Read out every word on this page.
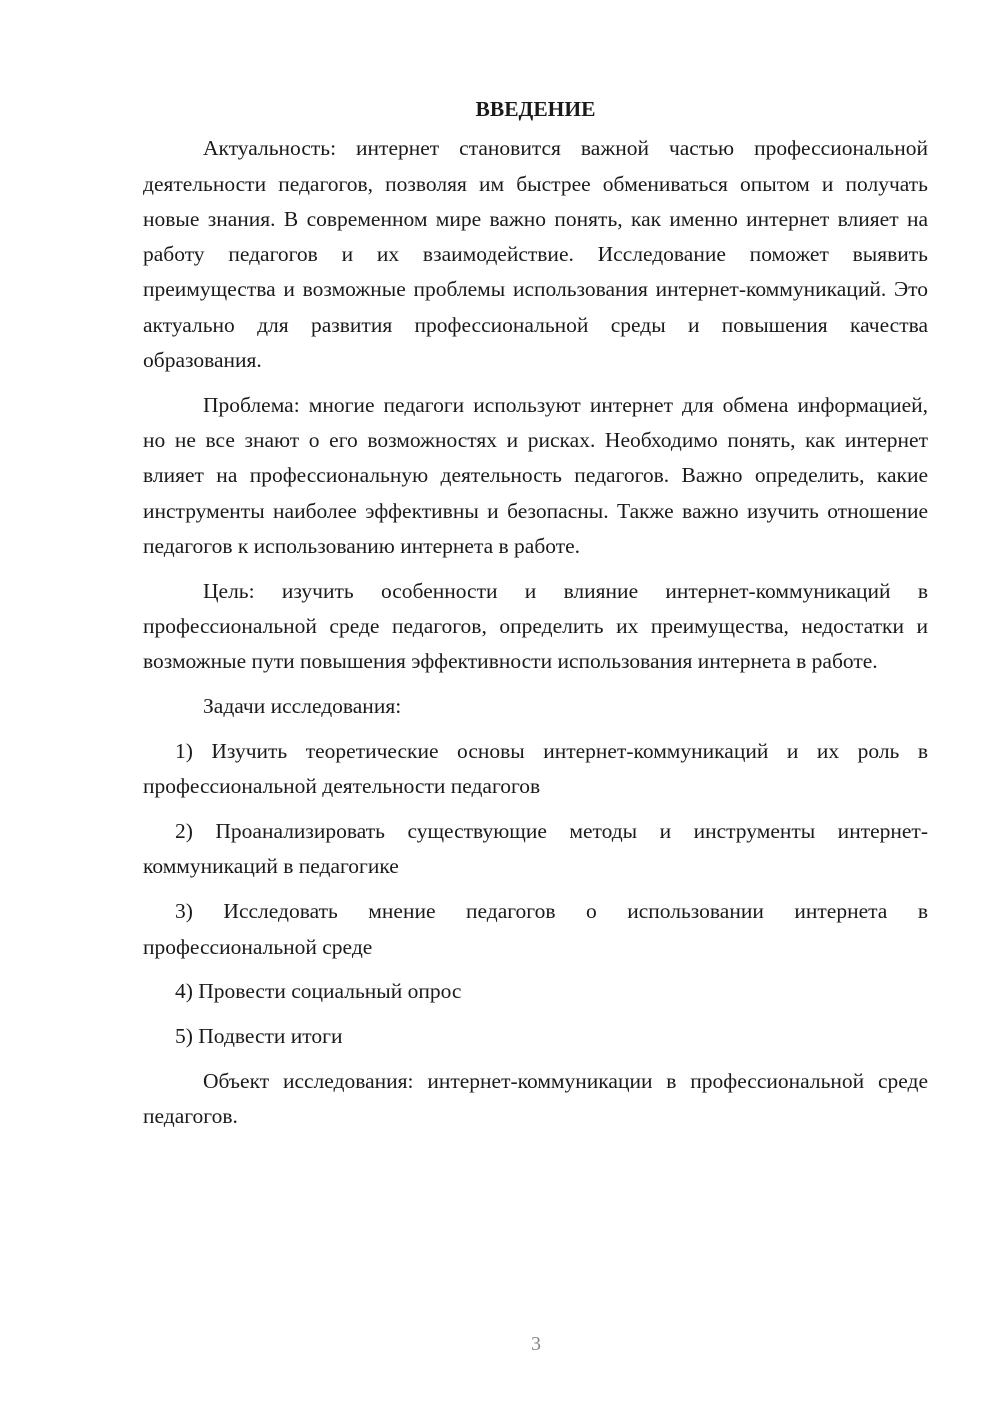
ВВЕДЕНИЕ

Актуальность: интернет становится важной частью профессиональной деятельности педагогов, позволяя им быстрее обмениваться опытом и получать новые знания. В современном мире важно понять, как именно интернет влияет на работу педагогов и их взаимодействие. Исследование поможет выявить преимущества и возможные проблемы использования интернет-коммуникаций. Это актуально для развития профессиональной среды и повышения качества образования.

Проблема: многие педагоги используют интернет для обмена информацией, но не все знают о его возможностях и рисках. Необходимо понять, как интернет влияет на профессиональную деятельность педагогов. Важно определить, какие инструменты наиболее эффективны и безопасны. Также важно изучить отношение педагогов к использованию интернета в работе.

Цель: изучить особенности и влияние интернет-коммуникаций в профессиональной среде педагогов, определить их преимущества, недостатки и возможные пути повышения эффективности использования интернета в работе.

Задачи исследования:

1) Изучить теоретические основы интернет-коммуникаций и их роль в профессиональной деятельности педагогов

2) Проанализировать существующие методы и инструменты интернет-коммуникаций в педагогике

3) Исследовать мнение педагогов о использовании интернета в профессиональной среде

4) Провести социальный опрос

5) Подвести итоги

Объект исследования: интернет-коммуникации в профессиональной среде педагогов.

3
